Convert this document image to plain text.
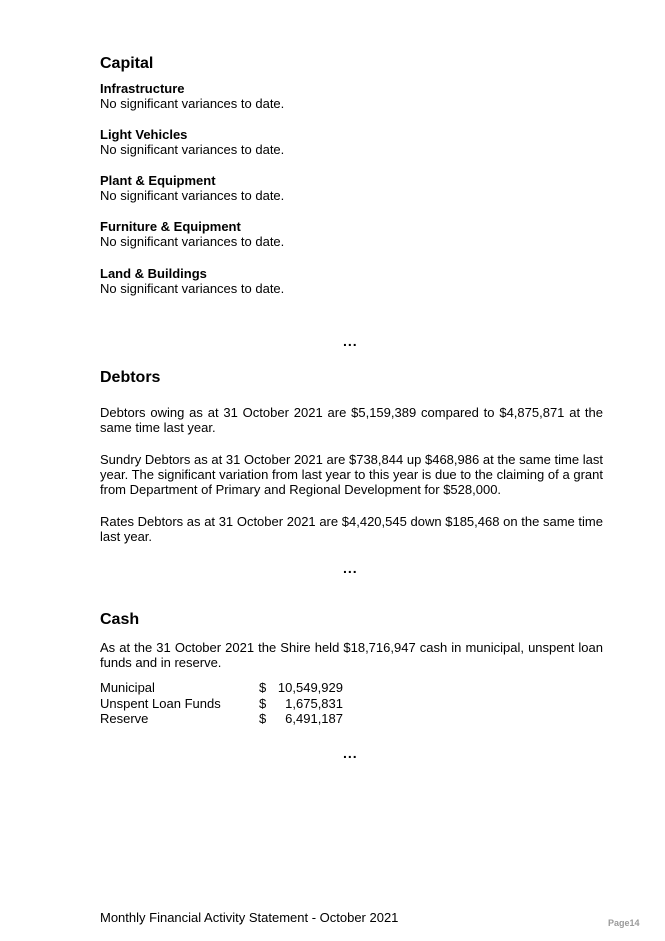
Capital
Infrastructure

No significant variances to date.

Light Vehicles

No significant variances to date.

Plant & Equipment

No significant variances to date.

Furniture & Equipment

No significant variances to date.

Land & Buildings

No significant variances to date.

...
Debtors

Debtors owing as at 31 October 2021 are $5,159,389 compared to $4,875,871 at the same time last year.

Sundry Debtors as at 31 October 2021 are $738,844 up $468,986 at the same time last year. The significant variation from last year to this year is due to the claiming of a grant from Department of Primary and Regional Development for $528,000.

Rates Debtors as at 31 October 2021 are $4,420,545 down $185,468 on the same time last year.

...
Cash

As at the 31 October 2021 the Shire held $18,716,947 cash in municipal, unspent loan funds and in reserve.

Municipal	$	10,549,929
Unspent Loan Funds	$	1,675,831
Reserve	$	6,491,187
...
Monthly Financial Activity Statement - October 2021	Page14
